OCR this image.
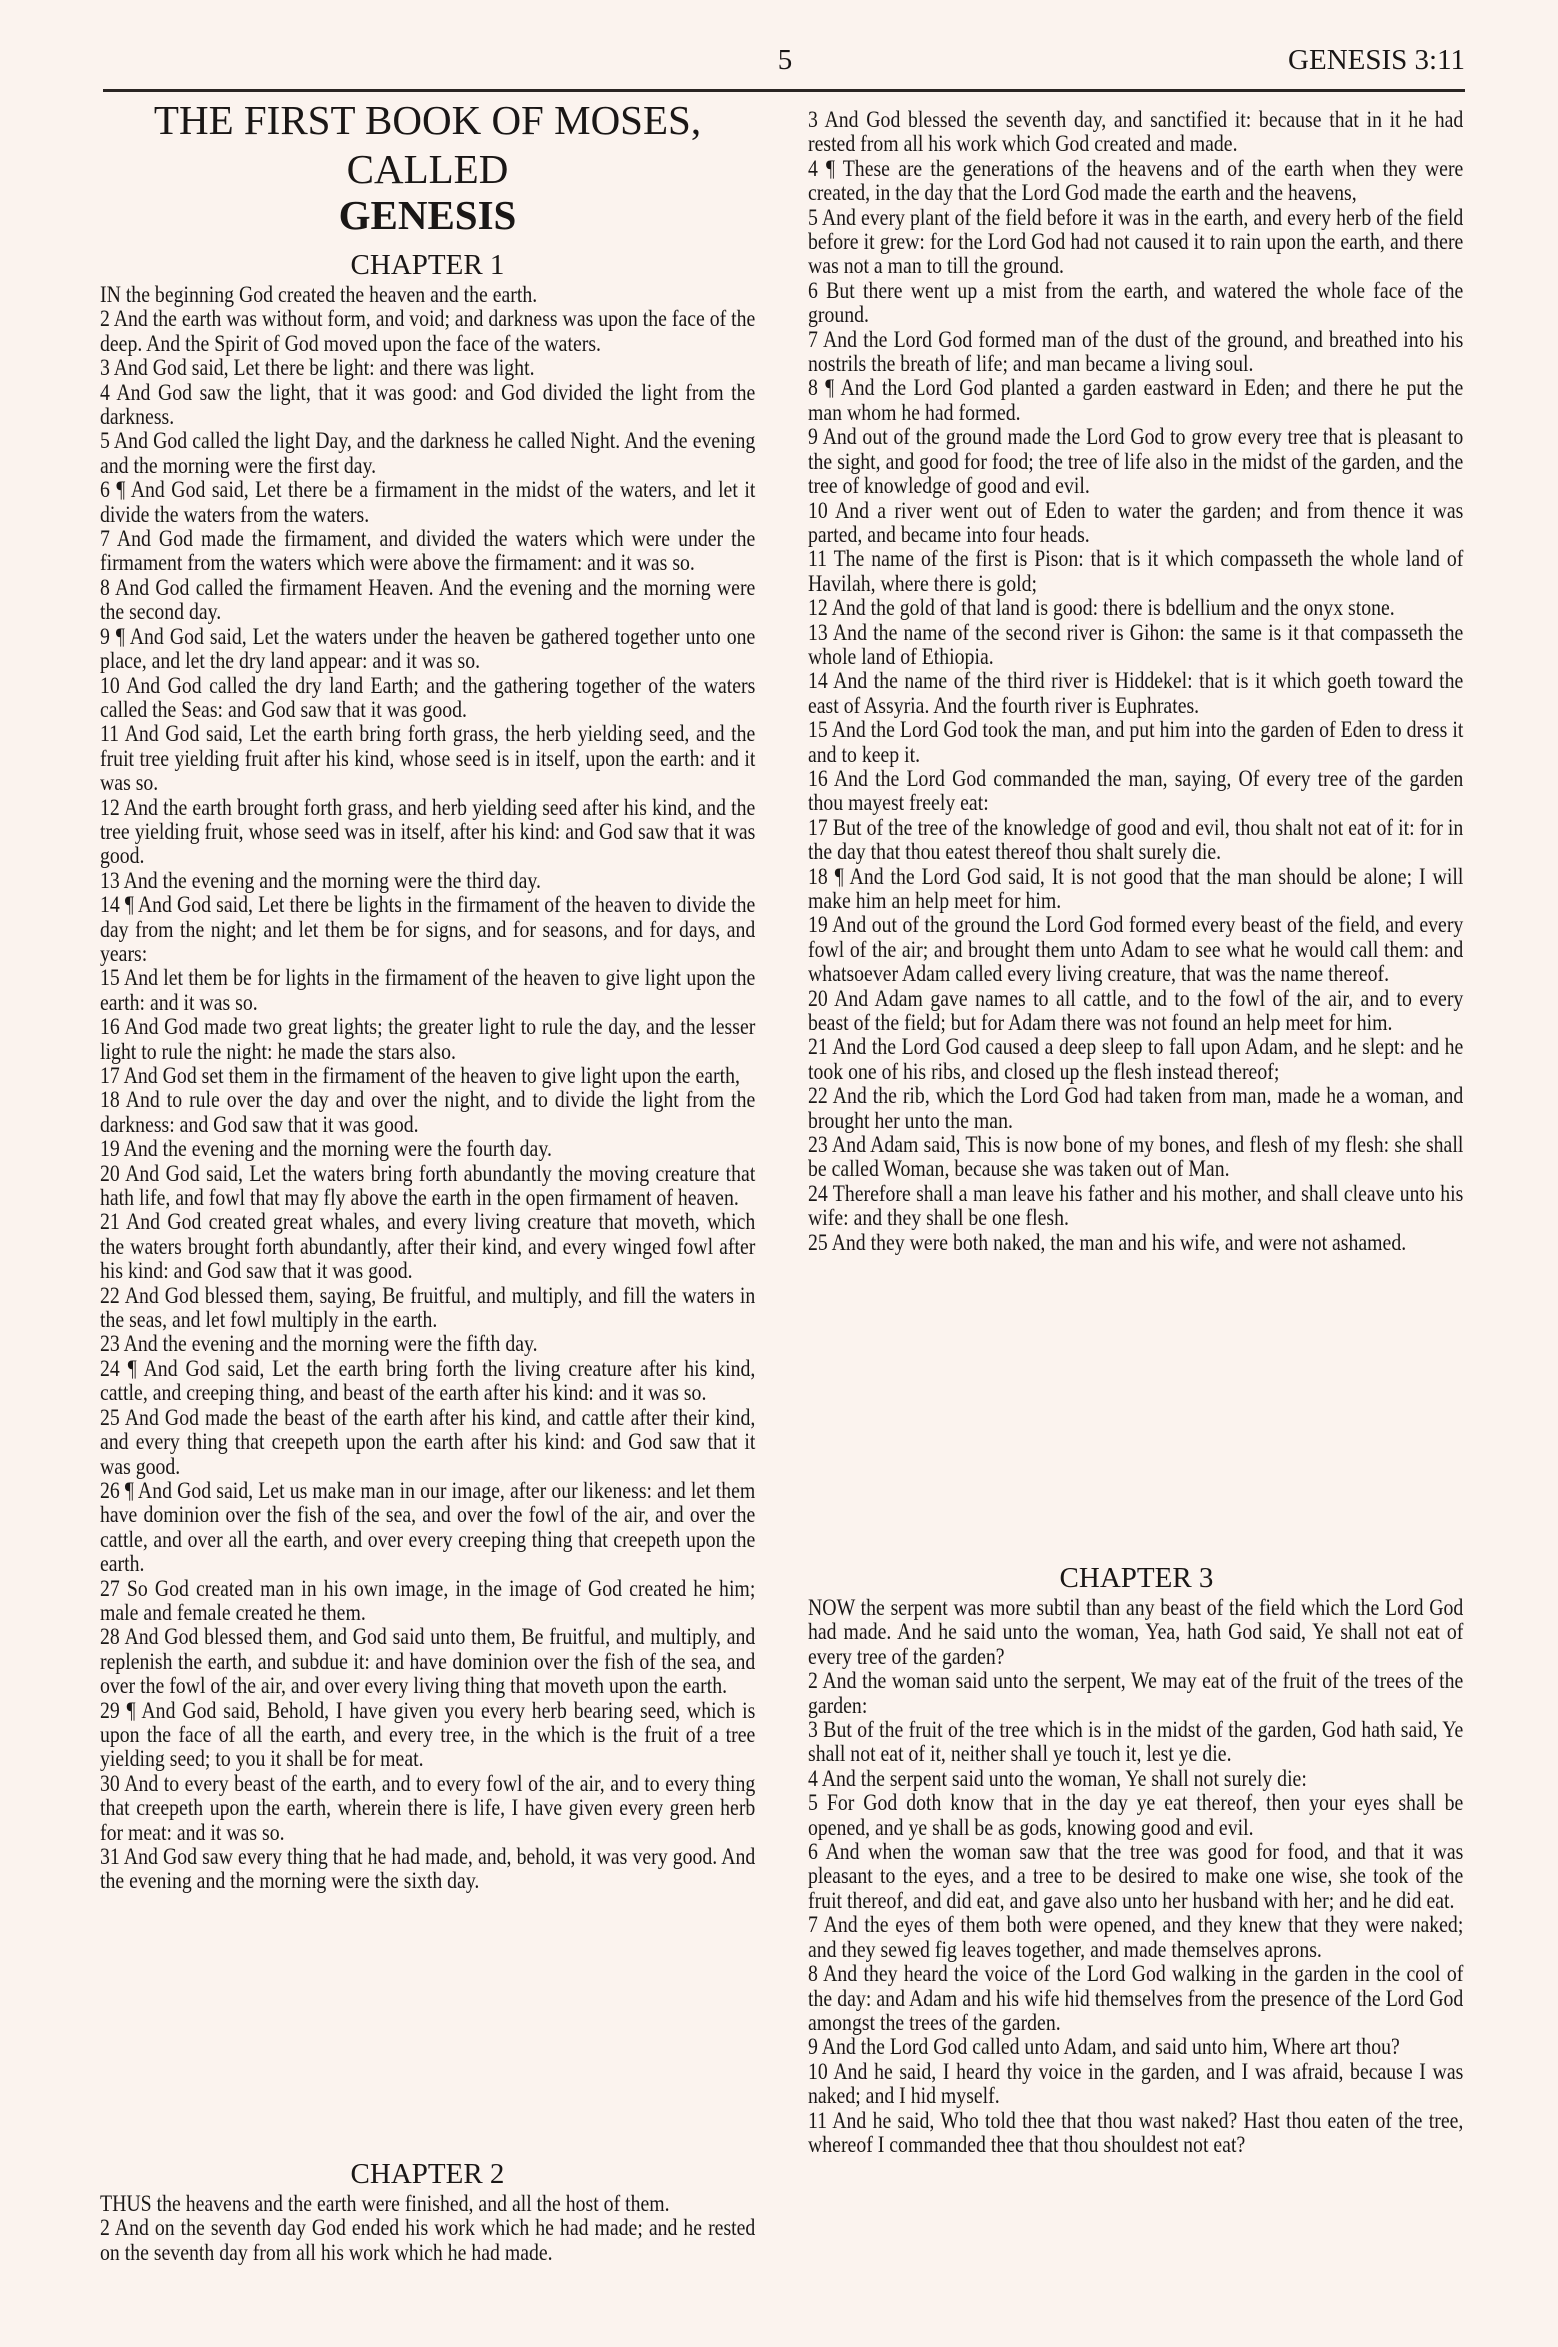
5	GENESIS 3:11
THE FIRST BOOK OF MOSES,
CALLED
GENESIS
CHAPTER 1

IN the beginning God created the heaven and the earth.

2 And the earth was without form, and void; and darkness was upon the face of the deep. And the Spirit of God moved upon the face of the waters.

3 And God said, Let there be light: and there was light.

4 And God saw the light, that it was good: and God divided the light from the darkness.

5 And God called the light Day, and the darkness he called Night. And the evening and the morning were the first day.

6 ¶ And God said, Let there be a firmament in the midst of the waters, and let it divide the waters from the waters.

7 And God made the firmament, and divided the waters which were under the firmament from the waters which were above the firmament: and it was so.

8 And God called the firmament Heaven. And the evening and the morning were the second day.

9 ¶ And God said, Let the waters under the heaven be gathered together unto one place, and let the dry land appear: and it was so.

10 And God called the dry land Earth; and the gathering together of the waters called the Seas: and God saw that it was good.

11 And God said, Let the earth bring forth grass, the herb yielding seed, and the fruit tree yielding fruit after his kind, whose seed is in itself, upon the earth: and it was so.

12 And the earth brought forth grass, and herb yielding seed after his kind, and the tree yielding fruit, whose seed was in itself, after his kind: and God saw that it was good.

13 And the evening and the morning were the third day.

14 ¶ And God said, Let there be lights in the firmament of the heaven to divide the day from the night; and let them be for signs, and for seasons, and for days, and years:

15 And let them be for lights in the firmament of the heaven to give light upon the earth: and it was so.

16 And God made two great lights; the greater light to rule the day, and the lesser light to rule the night: he made the stars also.

17 And God set them in the firmament of the heaven to give light upon the earth,

18 And to rule over the day and over the night, and to divide the light from the darkness: and God saw that it was good.

19 And the evening and the morning were the fourth day.

20 And God said, Let the waters bring forth abundantly the moving creature that hath life, and fowl that may fly above the earth in the open firmament of heaven.

21 And God created great whales, and every living creature that moveth, which the waters brought forth abundantly, after their kind, and every winged fowl after his kind: and God saw that it was good.

22 And God blessed them, saying, Be fruitful, and multiply, and fill the waters in the seas, and let fowl multiply in the earth.

23 And the evening and the morning were the fifth day.

24 ¶ And God said, Let the earth bring forth the living creature after his kind, cattle, and creeping thing, and beast of the earth after his kind: and it was so.

25 And God made the beast of the earth after his kind, and cattle after their kind, and every thing that creepeth upon the earth after his kind: and God saw that it was good.

26 ¶ And God said, Let us make man in our image, after our likeness: and let them have dominion over the fish of the sea, and over the fowl of the air, and over the cattle, and over all the earth, and over every creeping thing that creepeth upon the earth.

27 So God created man in his own image, in the image of God created he him; male and female created he them.

28 And God blessed them, and God said unto them, Be fruitful, and multiply, and replenish the earth, and subdue it: and have dominion over the fish of the sea, and over the fowl of the air, and over every living thing that moveth upon the earth.

29 ¶ And God said, Behold, I have given you every herb bearing seed, which is upon the face of all the earth, and every tree, in the which is the fruit of a tree yielding seed; to you it shall be for meat.

30 And to every beast of the earth, and to every fowl of the air, and to every thing that creepeth upon the earth, wherein there is life, I have given every green herb for meat: and it was so.

31 And God saw every thing that he had made, and, behold, it was very good. And the evening and the morning were the sixth day.

CHAPTER 2

THUS the heavens and the earth were finished, and all the host of them.

2 And on the seventh day God ended his work which he had made; and he rested on the seventh day from all his work which he had made.

3 And God blessed the seventh day, and sanctified it: because that in it he had rested from all his work which God created and made.

4 ¶ These are the generations of the heavens and of the earth when they were created, in the day that the Lord God made the earth and the heavens,

5 And every plant of the field before it was in the earth, and every herb of the field before it grew: for the Lord God had not caused it to rain upon the earth, and there was not a man to till the ground.

6 But there went up a mist from the earth, and watered the whole face of the ground.

7 And the Lord God formed man of the dust of the ground, and breathed into his nostrils the breath of life; and man became a living soul.

8 ¶ And the Lord God planted a garden eastward in Eden; and there he put the man whom he had formed.

9 And out of the ground made the Lord God to grow every tree that is pleasant to the sight, and good for food; the tree of life also in the midst of the garden, and the tree of knowledge of good and evil.

10 And a river went out of Eden to water the garden; and from thence it was parted, and became into four heads.

11 The name of the first is Pison: that is it which compasseth the whole land of Havilah, where there is gold;

12 And the gold of that land is good: there is bdellium and the onyx stone.

13 And the name of the second river is Gihon: the same is it that compasseth the whole land of Ethiopia.

14 And the name of the third river is Hiddekel: that is it which goeth toward the east of Assyria. And the fourth river is Euphrates.

15 And the Lord God took the man, and put him into the garden of Eden to dress it and to keep it.

16 And the Lord God commanded the man, saying, Of every tree of the garden thou mayest freely eat:

17 But of the tree of the knowledge of good and evil, thou shalt not eat of it: for in the day that thou eatest thereof thou shalt surely die.

18 ¶ And the Lord God said, It is not good that the man should be alone; I will make him an help meet for him.

19 And out of the ground the Lord God formed every beast of the field, and every fowl of the air; and brought them unto Adam to see what he would call them: and whatsoever Adam called every living creature, that was the name thereof.

20 And Adam gave names to all cattle, and to the fowl of the air, and to every beast of the field; but for Adam there was not found an help meet for him.

21 And the Lord God caused a deep sleep to fall upon Adam, and he slept: and he took one of his ribs, and closed up the flesh instead thereof;

22 And the rib, which the Lord God had taken from man, made he a woman, and brought her unto the man.

23 And Adam said, This is now bone of my bones, and flesh of my flesh: she shall be called Woman, because she was taken out of Man.

24 Therefore shall a man leave his father and his mother, and shall cleave unto his wife: and they shall be one flesh.

25 And they were both naked, the man and his wife, and were not ashamed.

CHAPTER 3

NOW the serpent was more subtil than any beast of the field which the Lord God had made. And he said unto the woman, Yea, hath God said, Ye shall not eat of every tree of the garden?

2 And the woman said unto the serpent, We may eat of the fruit of the trees of the garden:

3 But of the fruit of the tree which is in the midst of the garden, God hath said, Ye shall not eat of it, neither shall ye touch it, lest ye die.

4 And the serpent said unto the woman, Ye shall not surely die:

5 For God doth know that in the day ye eat thereof, then your eyes shall be opened, and ye shall be as gods, knowing good and evil.

6 And when the woman saw that the tree was good for food, and that it was pleasant to the eyes, and a tree to be desired to make one wise, she took of the fruit thereof, and did eat, and gave also unto her husband with her; and he did eat.

7 And the eyes of them both were opened, and they knew that they were naked; and they sewed fig leaves together, and made themselves aprons.

8 And they heard the voice of the Lord God walking in the garden in the cool of the day: and Adam and his wife hid themselves from the presence of the Lord God amongst the trees of the garden.

9 And the Lord God called unto Adam, and said unto him, Where art thou?

10 And he said, I heard thy voice in the garden, and I was afraid, because I was naked; and I hid myself.

11 And he said, Who told thee that thou wast naked? Hast thou eaten of the tree, whereof I commanded thee that thou shouldest not eat?
